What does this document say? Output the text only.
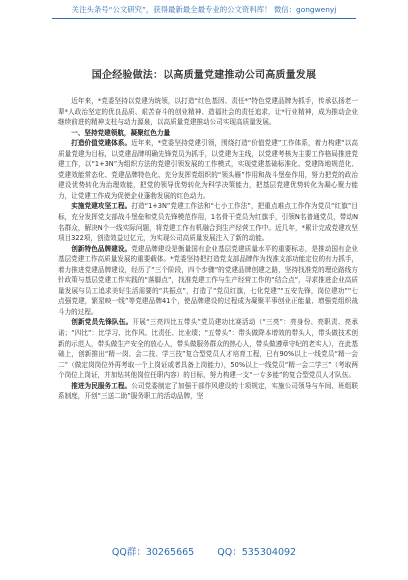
关注头条号“公文研究”，获得最新最全最专业的公文资料库！ 微信：gongwenyj
国企经验做法：以高质量党建推动公司高质量发展

近年来，*党委坚持以党建为统领，以打造“红色基因、责任*”特色党建品牌为抓手，传承弘扬老一辈*人政治坚定的优良品质、艰苦奋斗的创业精神、造福社会的责任追求，让*行业精神，成为推动企业继续前进的精神支柱与动力源泉，以高质量党建推动公司实现高质量发展。

一、坚持党建领航，凝聚红色力量

打造价值党建体系。近年来，*党委坚持党建引领，围绕打造“价值党建”工作体系，着力构建“以高质量党建为目标，以党建品牌明确先锋党员为抓手，以党建为主线，以党建考核为主要工作格局推进党建工作，以“1+3N”为组织方法的党建引领发展的工作模式，实现党建基础标准化、党建阵地规范化、党建效能常态化、党建品牌特色化、充分发挥党组织的“领头雁”作用和战斗堡垒作用，努力把党的政治建设优势转化为治理效能，把党的领导优势转化为科学决策能力，把基层党建优势转化为凝心聚力能力，让党建工作成为促使企业蓬勃发展的红色动力。

实施党建攻坚工程。打造“1+3N”党建工作法和“七小工作法”，把重点难点工作作为党员“红旗”目标，充分发挥党支部战斗堡垒和党员先锋模范作用，1名骨干党员为红旗手，引领N名普通党员，带动N名群众，解决N个一线实际问题，将党建工作有机融合到生产经营工作中。近几年，*累计完成党建攻坚项目322项，创造效益过亿元，为实现公司高质量发展注入了新的动能。

创新特色品牌建设。党建品牌建设是衡量国有企业基层党建质量水平的重要标志，是推动国有企业基层党建工作高质量发展的重要载体。*党委坚持把打造党支部品牌作为找准支部功能定位的有力抓手，着力推进党建品牌建设，经历了“三个阶段，四个步骤”的党建品牌创建之路，坚持找准党的理论路线方针政策与基层党建工作实践的“落脚点”，找准党建工作与生产经营工作的“结合点”，寻求推进企业高质量发展与员工追求美好生活需要的“共振点”，打造了“党员红旗，七化党建”“五安先锋，岗位建功”“七点强党建，繁星映一线”等党建品牌41个，使品牌建设的过程成为凝聚平事创业正能量、增强党组织战斗力的过程。

创新党员先锋队伍。开展“三亮四比五带头”党员建功比赛活动（“三亮”：亮身份、亮职责、亮承诺；“四比”：比学习、比作风、比责任、比业绩；“五带头”：带头做降本增效的带头人，带头做技术创新的示范人，带头做生产安全的放心人，带头做服务群众的热心人，带头做遵章守纪的老实人），在此基础上，创新推出“精一岗、会二技、学三技”复合型党员人才培育工程，已有90%以上一线党员“精一会二”（做定岗岗位外再考取一个上岗证或者具备上岗能力），50%以上一线党员“精一会二学三”（考取两个岗位上岗证，并加钻其他岗位任职内容）的目标，努力构建一支“一专多能”的复合型党员人才队伍。

推进为民服务工程。公司党委制定了加强干部作风建设的十项规定，实施公司领导与车间、班组联系制度，开创“三送二助”服务职工的活动品牌，坚

QQ群：30265665 QQ：535304092
